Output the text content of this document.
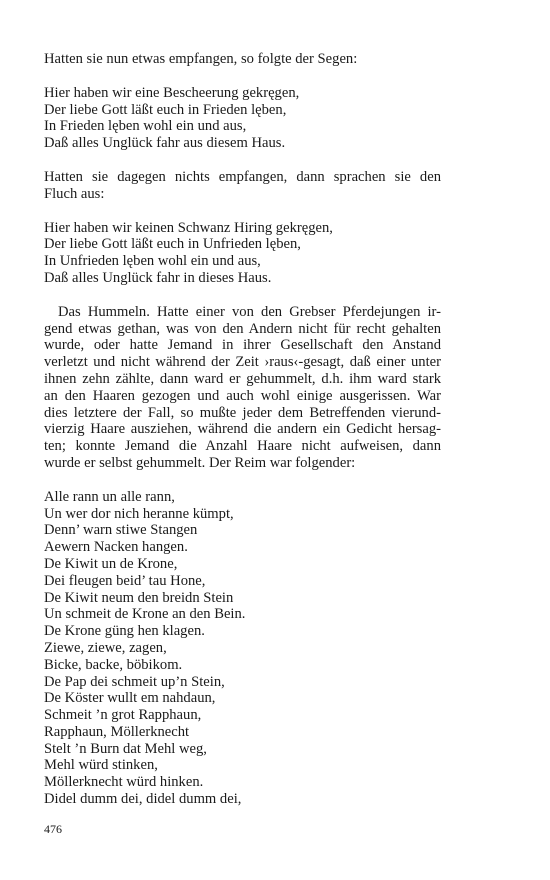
Hatten sie nun etwas empfangen, so folgte der Segen:
Hier haben wir eine Bescheerung gekręgen,
Der liebe Gott läßt euch in Frieden lęben,
In Frieden lęben wohl ein und aus,
Daß alles Unglück fahr aus diesem Haus.
Hatten sie dagegen nichts empfangen, dann sprachen sie den
Fluch aus:
Hier haben wir keinen Schwanz Hiring gekręgen,
Der liebe Gott läßt euch in Unfrieden lęben,
In Unfrieden lęben wohl ein und aus,
Daß alles Unglück fahr in dieses Haus.
Das Hummeln. Hatte einer von den Grebser Pferdejungen ir-
gend etwas gethan, was von den Andern nicht für recht gehalten
wurde, oder hatte Jemand in ihrer Gesellschaft den Anstand
verletzt und nicht während der Zeit ›raus‹-gesagt, daß einer unter
ihnen zehn zählte, dann ward er gehummelt, d.h. ihm ward stark
an den Haaren gezogen und auch wohl einige ausgerissen. War
dies letztere der Fall, so mußte jeder dem Betreffenden vierund-
vierzig Haare ausziehen, während die andern ein Gedicht hersag-
ten; konnte Jemand die Anzahl Haare nicht aufweisen, dann
wurde er selbst gehummelt. Der Reim war folgender:
Alle rann un alle rann,
Un wer dor nich heranne kümpt,
Denn’ warn stiwe Stangen
Aewern Nacken hangen.
De Kiwit un de Krone,
Dei fleugen beid’ tau Hone,
De Kiwit neum den breidn Stein
Un schmeit de Krone an den Bein.
De Krone güng hen klagen.
Ziewe, ziewe, zagen,
Bicke, backe, böbikom.
De Pap dei schmeit up’n Stein,
De Köster wullt em nahdaun,
Schmeit ’n grot Rapphaun,
Rapphaun, Möllerknecht
Stelt ’n Burn dat Mehl weg,
Mehl würd stinken,
Möllerknecht würd hinken.
Didel dumm dei, didel dumm dei,
476
